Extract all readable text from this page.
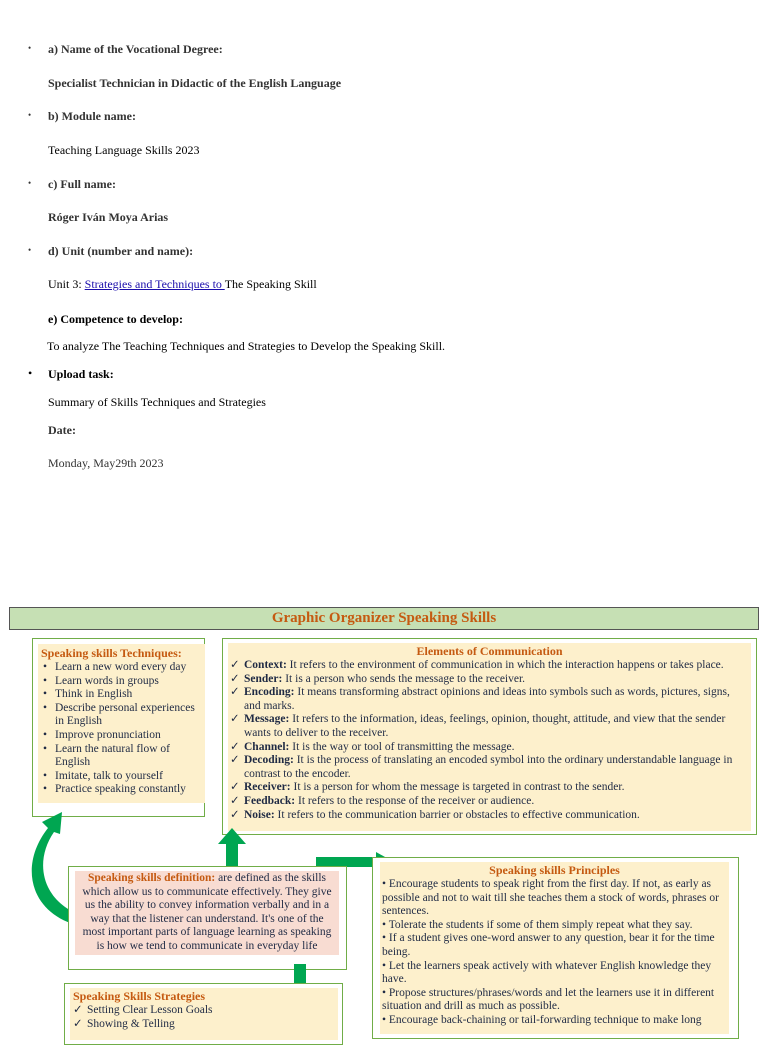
• a) Name of the Vocational Degree:
Specialist Technician in Didactic of the English Language
• b) Module name:
Teaching Language Skills 2023
• c) Full name:
Róger Iván Moya Arias
• d) Unit (number and name):
Unit 3: Strategies and Techniques to The Speaking Skill
e) Competence to develop:
To analyze The Teaching Techniques and Strategies to Develop the Speaking Skill.
• Upload task:
Summary of Skills Techniques and Strategies
Date:
Monday, May29th 2023
Graphic Organizer Speaking Skills
Speaking skills Techniques:
• Learn a new word every day
• Learn words in groups
• Think in English
• Describe personal experiences in English
• Improve pronunciation
• Learn the natural flow of English
• Imitate, talk to yourself
• Practice speaking constantly
Elements of Communication
✓ Context: It refers to the environment of communication in which the interaction happens or takes place.
✓ Sender: It is a person who sends the message to the receiver.
✓ Encoding: It means transforming abstract opinions and ideas into symbols such as words, pictures, signs, and marks.
✓ Message: It refers to the information, ideas, feelings, opinion, thought, attitude, and view that the sender wants to deliver to the receiver.
✓ Channel: It is the way or tool of transmitting the message.
✓ Decoding: It is the process of translating an encoded symbol into the ordinary understandable language in contrast to the encoder.
✓ Receiver: It is a person for whom the message is targeted in contrast to the sender.
✓ Feedback: It refers to the response of the receiver or audience.
✓ Noise: It refers to the communication barrier or obstacles to effective communication.
Speaking skills definition: are defined as the skills which allow us to communicate effectively. They give us the ability to convey information verbally and in a way that the listener can understand. It's one of the most important parts of language learning as speaking is how we tend to communicate in everyday life
Speaking skills Principles
• Encourage students to speak right from the first day. If not, as early as possible and not to wait till she teaches them a stock of words, phrases or sentences.
• Tolerate the students if some of them simply repeat what they say.
• If a student gives one-word answer to any question, bear it for the time being.
• Let the learners speak actively with whatever English knowledge they have.
• Propose structures/phrases/words and let the learners use it in different situation and drill as much as possible.
• Encourage back-chaining or tail-forwarding technique to make long
Speaking Skills Strategies
✓ Setting Clear Lesson Goals
✓ Showing & Telling
